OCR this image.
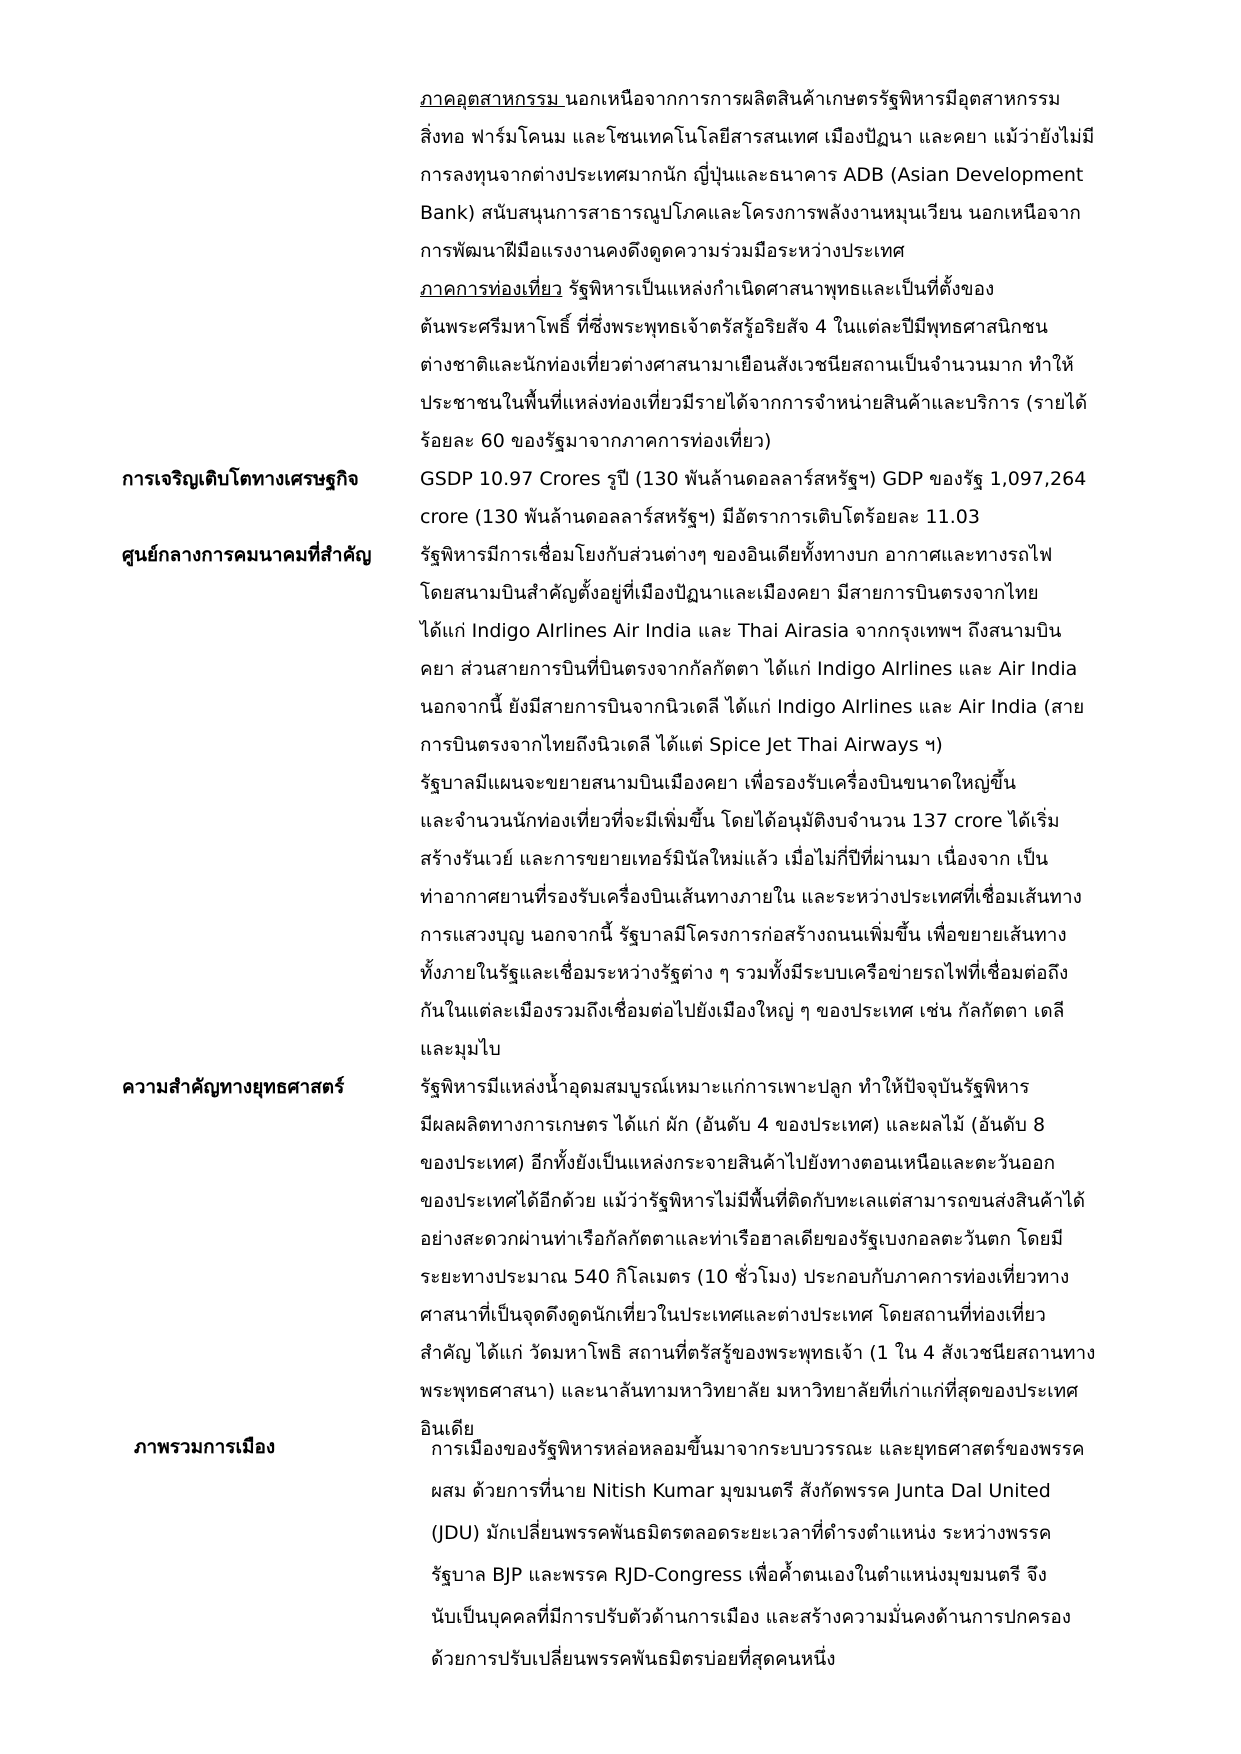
ภาคอุตสาหกรรม นอกเหนือจากการการผลิตสินค้าเกษตรรัฐพิหารมีอุตสาหกรรม
สิ่งทอ ฟาร์มโคนม และโซนเทคโนโลยีสารสนเทศ เมืองปัฏนา และคยา แม้ว่ายังไม่มี
การลงทุนจากต่างประเทศมากนัก ญี่ปุ่นและธนาคาร ADB (Asian Development
Bank) สนับสนุนการสาธารณูปโภคและโครงการพลังงานหมุนเวียน นอกเหนือจาก
การพัฒนาฝีมือแรงงานคงดึงดูดความร่วมมือระหว่างประเทศ
ภาคการท่องเที่ยว รัฐพิหารเป็นแหล่งกำเนิดศาสนาพุทธและเป็นที่ตั้งของ
ต้นพระศรีมหาโพธิ์ ที่ซึ่งพระพุทธเจ้าตรัสรู้อริยสัจ 4 ในแต่ละปีมีพุทธศาสนิกชน
ต่างชาติและนักท่องเที่ยวต่างศาสนามาเยือนสังเวชนียสถานเป็นจำนวนมาก ทำให้
ประชาชนในพื้นที่แหล่งท่องเที่ยวมีรายได้จากการจำหน่ายสินค้าและบริการ (รายได้
ร้อยละ 60 ของรัฐมาจากภาคการท่องเที่ยว)
การเจริญเติบโตทางเศรษฐกิจ	GSDP 10.97 Crores รูปี (130 พันล้านดอลลาร์สหรัฐฯ) GDP ของรัฐ 1,097,264
crore (130 พันล้านดอลลาร์สหรัฐฯ) มีอัตราการเติบโตร้อยละ 11.03
ศูนย์กลางการคมนาคมที่สำคัญ	รัฐพิหารมีการเชื่อมโยงกับส่วนต่างๆ ของอินเดียทั้งทางบก อากาศและทางรถไฟ
โดยสนามบินสำคัญตั้งอยู่ที่เมืองปัฏนาและเมืองคยา มีสายการบินตรงจากไทย
ได้แก่ Indigo AIrlines Air India และ Thai Airasia จากกรุงเทพฯ ถึงสนามบิน
คยา ส่วนสายการบินที่บินตรงจากกัลกัตตา ได้แก่ Indigo AIrlines และ Air India
นอกจากนี้ ยังมีสายการบินจากนิวเดลี ได้แก่ Indigo AIrlines และ Air India (สาย
การบินตรงจากไทยถึงนิวเดลี ได้แต่ Spice Jet Thai Airways ฯ)
รัฐบาลมีแผนจะขยายสนามบินเมืองคยา เพื่อรองรับเครื่องบินขนาดใหญ่ขึ้น
และจำนวนนักท่องเที่ยวที่จะมีเพิ่มขึ้น โดยได้อนุมัติงบจำนวน 137 crore ได้เริ่ม
สร้างรันเวย์ และการขยายเทอร์มินัลใหม่แล้ว เมื่อไม่กี่ปีที่ผ่านมา เนื่องจาก เป็น
ท่าอากาศยานที่รองรับเครื่องบินเส้นทางภายใน และระหว่างประเทศที่เชื่อมเส้นทาง
การแสวงบุญ นอกจากนี้ รัฐบาลมีโครงการก่อสร้างถนนเพิ่มขึ้น เพื่อขยายเส้นทาง
ทั้งภายในรัฐและเชื่อมระหว่างรัฐต่าง ๆ รวมทั้งมีระบบเครือข่ายรถไฟที่เชื่อมต่อถึง
กันในแต่ละเมืองรวมถึงเชื่อมต่อไปยังเมืองใหญ่ ๆ ของประเทศ เช่น กัลกัตตา เดลี
และมุมไบ
ความสำคัญทางยุทธศาสตร์	รัฐพิหารมีแหล่งน้ำอุดมสมบูรณ์เหมาะแก่การเพาะปลูก ทำให้ปัจจุบันรัฐพิหาร
มีผลผลิตทางการเกษตร ได้แก่ ผัก (อันดับ 4 ของประเทศ) และผลไม้ (อันดับ 8
ของประเทศ) อีกทั้งยังเป็นแหล่งกระจายสินค้าไปยังทางตอนเหนือและตะวันออก
ของประเทศได้อีกด้วย แม้ว่ารัฐพิหารไม่มีพื้นที่ติดกับทะเลแต่สามารถขนส่งสินค้าได้
อย่างสะดวกผ่านท่าเรือกัลกัตตาและท่าเรือฮาลเดียของรัฐเบงกอลตะวันตก โดยมี
ระยะทางประมาณ 540 กิโลเมตร (10 ชั่วโมง) ประกอบกับภาคการท่องเที่ยวทาง
ศาสนาที่เป็นจุดดึงดูดนักเที่ยวในประเทศและต่างประเทศ โดยสถานที่ท่องเที่ยว
สำคัญ ได้แก่ วัดมหาโพธิ สถานที่ตรัสรู้ของพระพุทธเจ้า (1 ใน 4 สังเวชนียสถานทาง
พระพุทธศาสนา) และนาลันทามหาวิทยาลัย มหาวิทยาลัยที่เก่าแก่ที่สุดของประเทศ
อินเดีย
ภาพรวมการเมือง	การเมืองของรัฐพิหารหล่อหลอมขึ้นมาจากระบบวรรณะ และยุทธศาสตร์ของพรรค
ผสม ด้วยการที่นาย Nitish Kumar มุขมนตรี สังกัดพรรค Junta Dal United
(JDU) มักเปลี่ยนพรรคพันธมิตรตลอดระยะเวลาที่ดำรงตำแหน่ง ระหว่างพรรค
รัฐบาล BJP และพรรค RJD-Congress เพื่อค้ำตนเองในตำแหน่งมุขมนตรี จึง
นับเป็นบุคคลที่มีการปรับตัวด้านการเมือง และสร้างความมั่นคงด้านการปกครอง
ด้วยการปรับเปลี่ยนพรรคพันธมิตรบ่อยที่สุดคนหนึ่ง
